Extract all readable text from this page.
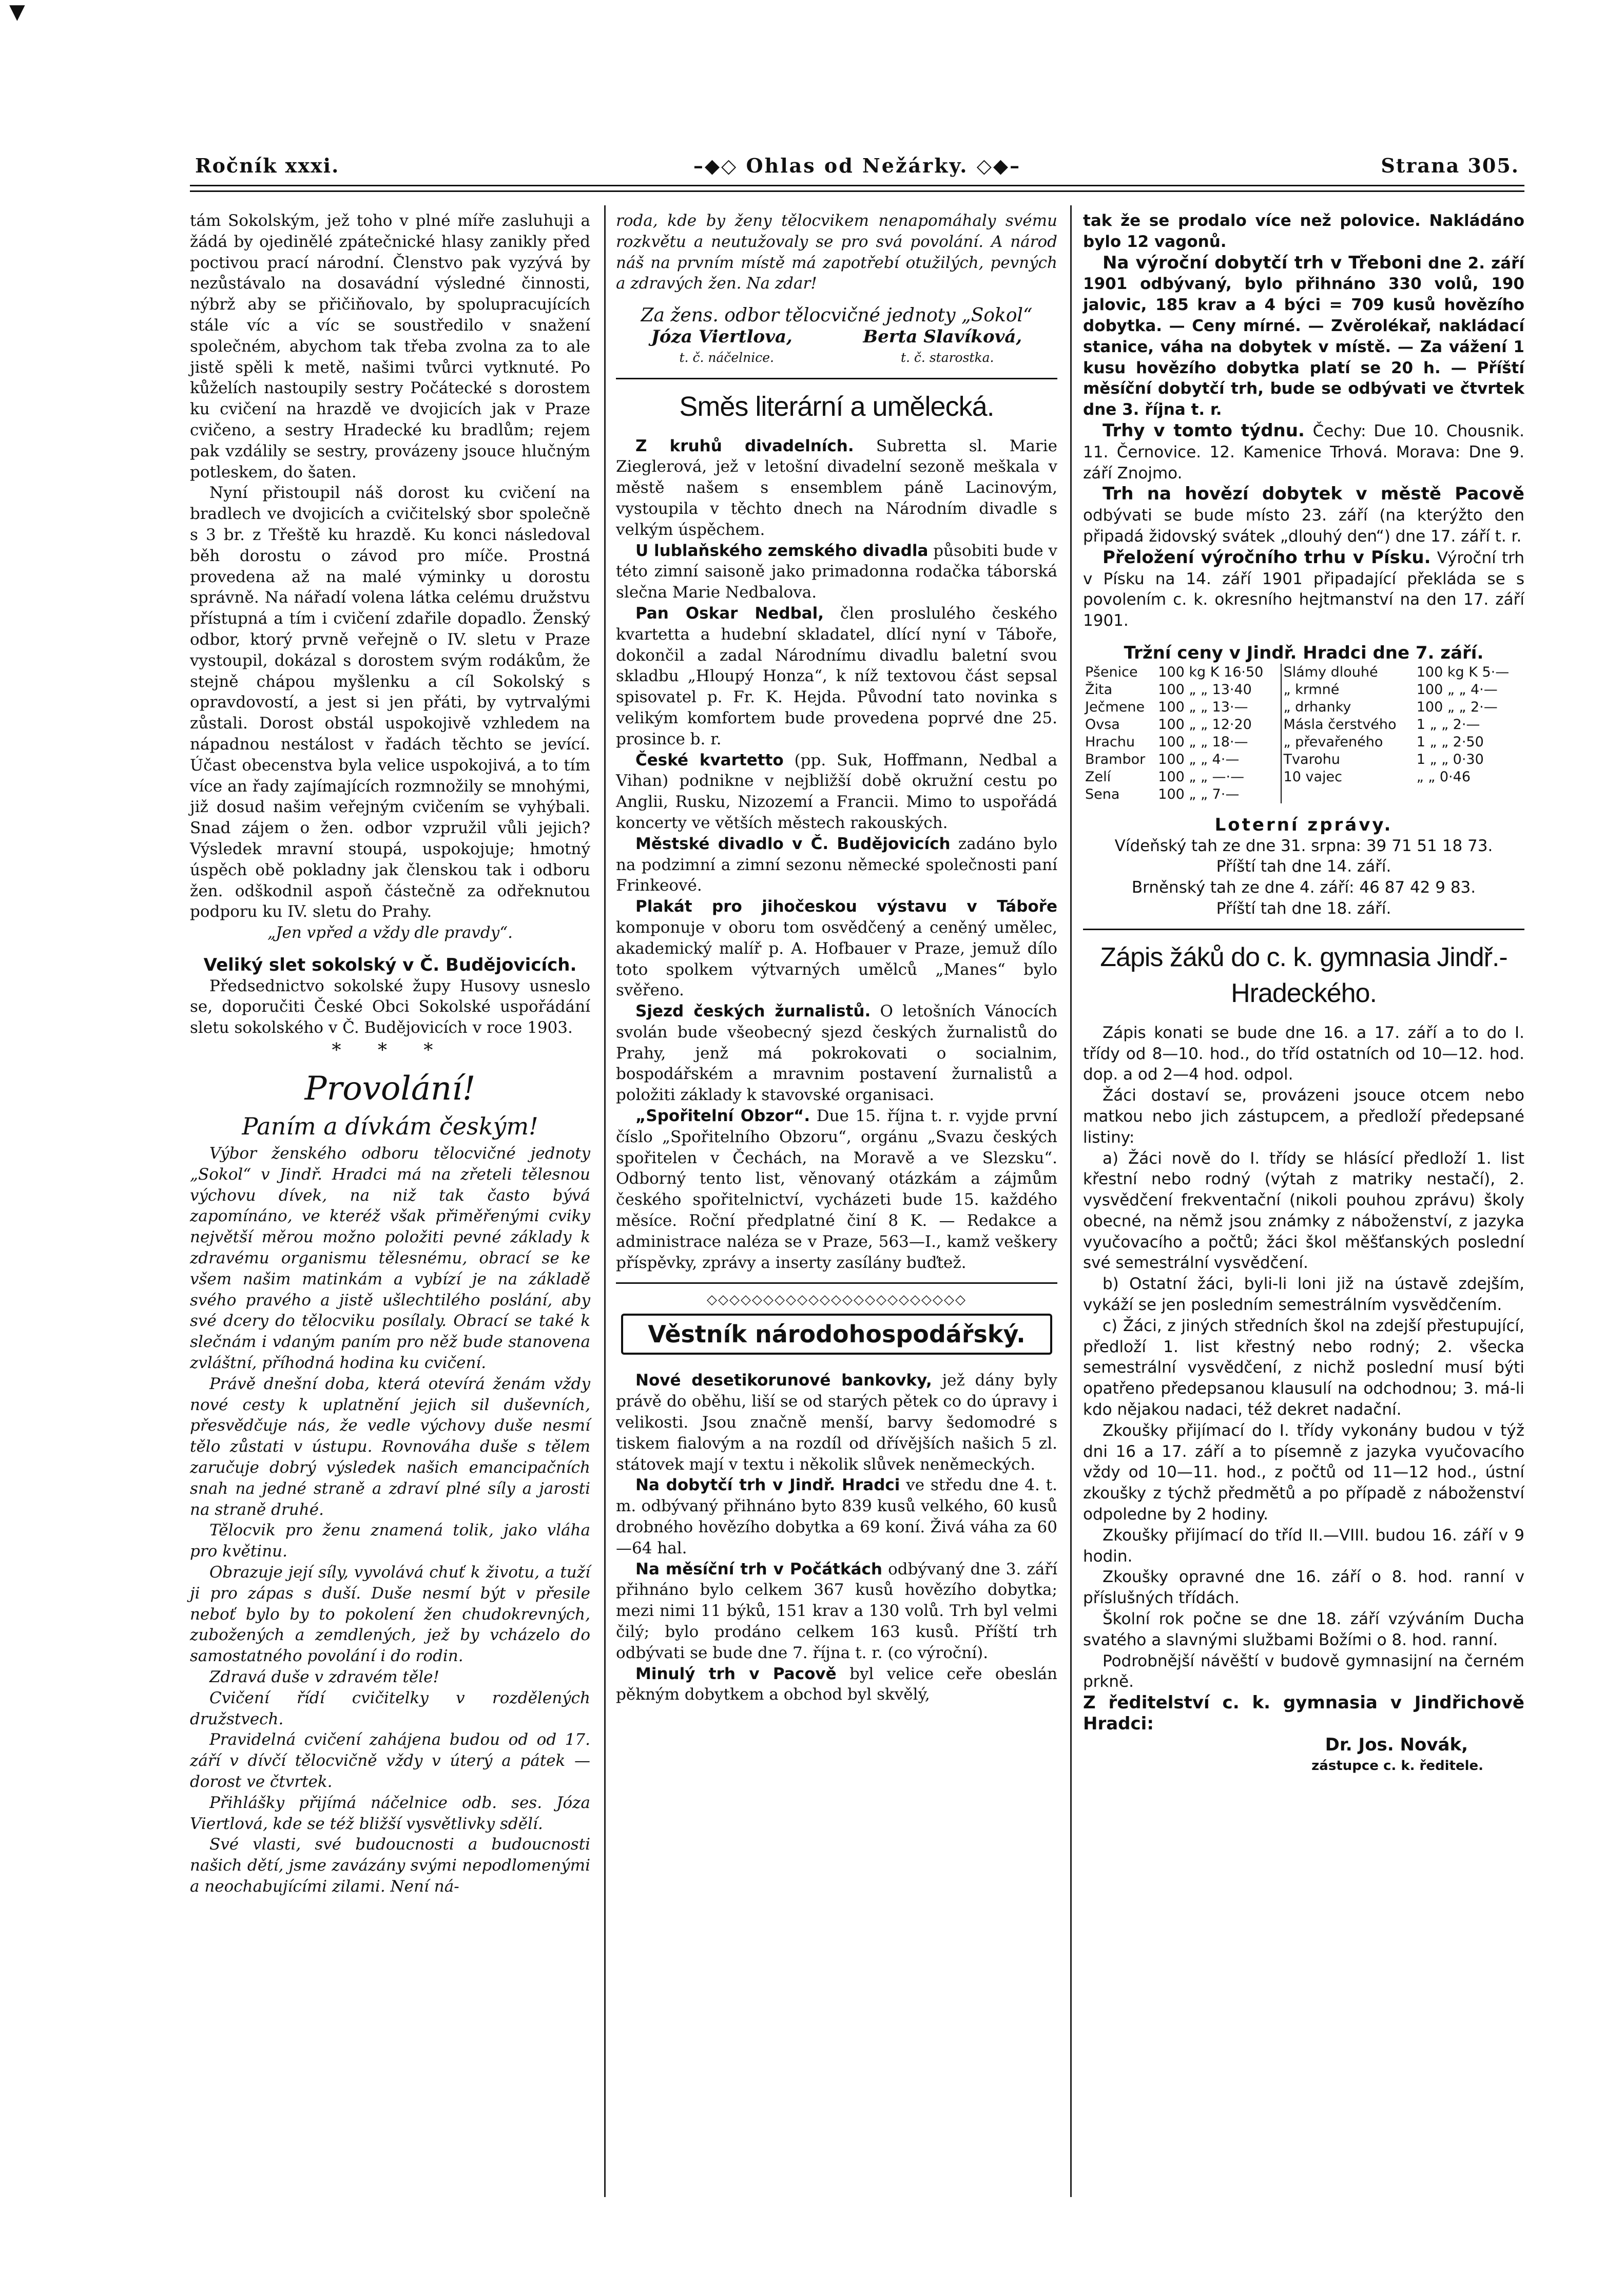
▼
Ročník xxxi.	–◆◇ Ohlas od Nežárky. ◇◆–	Strana 305.

tám Sokolským, jež toho v plné míře zasluhuji a žádá by ojedinělé zpátečnické hlasy zanikly před poctivou prací národní. Členstvo pak vyzývá by nezůstávalo na dosavádní výsledné činnosti, nýbrž aby se přičiňovalo, by spolupracujících stále víc a víc se soustředilo v snažení společném, abychom tak třeba zvolna za to ale jistě spěli k metě, našimi tvůrci vytknuté. Po kůželích nastoupily sestry Počátecké s dorostem ku cvičení na hrazdě ve dvojicích jak v Praze cvičeno, a sestry Hradecké ku bradlům; rejem pak vzdálily se sestry, provázeny jsouce hlučným potleskem, do šaten.

Nyní přistoupil náš dorost ku cvičení na bradlech ve dvojicích a cvičitelský sbor společně s 3 br. z Třeště ku hrazdě. Ku konci následoval běh dorostu o závod pro míče. Prostná provedena až na malé výminky u dorostu správně. Na nářadí volena látka celému družstvu přístupná a tím i cvičení zdařile dopadlo. Ženský odbor, ktorý prvně veřejně o IV. sletu v Praze vystoupil, dokázal s dorostem svým rodákům, že stejně chápou myšlenku a cíl Sokolský s opravdovostí, a jest si jen přáti, by vytrvalými zůstali. Dorost obstál uspokojivě vzhledem na nápadnou nestálost v řadách těchto se jevící. Účast obecenstva byla velice uspokojivá, a to tím více an řady zajímajících rozmnožily se mnohými, již dosud našim veřejným cvičením se vyhýbali. Snad zájem o žen. odbor vzpružil vůli jejich? Výsledek mravní stoupá, uspokojuje; hmotný úspěch obě pokladny jak členskou tak i odboru žen. odškodnil aspoň částečně za odřeknutou podporu ku IV. sletu do Prahy.

„Jen vpřed a vždy dle pravdy“.

Veliký slet sokolský v Č. Budějovicích.

Předsednictvo sokolské župy Husovy usneslo se, doporučiti České Obci Sokolské uspořádání sletu sokolského v Č. Budějovicích v roce 1903.

* * *

Provolání!

Paním a dívkám českým!

Výbor ženského odboru tělocvičné jednoty „Sokol“ v Jindř. Hradci má na zřeteli tělesnou výchovu dívek, na niž tak často bývá zapomínáno, ve kteréž však přiměřenými cviky největší měrou možno položiti pevné základy k zdravému organismu tělesnému, obrací se ke všem našim matinkám a vybízí je na základě svého pravého a jistě ušlechtilého poslání, aby své dcery do tělocviku posílaly. Obrací se také k slečnám i vdaným paním pro něž bude stanovena zvláštní, příhodná hodina ku cvičení.

Právě dnešní doba, která otevírá ženám vždy nové cesty k uplatnění jejich sil duševních, přesvědčuje nás, že vedle výchovy duše nesmí tělo zůstati v ústupu. Rovnováha duše s tělem zaručuje dobrý výsledek našich emancipačních snah na jedné straně a zdraví plné síly a jarosti na straně druhé.

Tělocvik pro ženu znamená tolik, jako vláha pro květinu.

Obrazuje její síly, vyvolává chuť k životu, a tuží ji pro zápas s duší. Duše nesmí být v přesile neboť bylo by to pokolení žen chudokrevných, zubožených a zemdlených, jež by vcházelo do samostatného povolání i do rodin.

Zdravá duše v zdravém těle!

Cvičení řídí cvičitelky v rozdělených družstvech.

Pravidelná cvičení zahájena budou od od 17. září v dívčí tělocvičně vždy v úterý a pátek — dorost ve čtvrtek.

Přihlášky přijímá náčelnice odb. ses. Józa Viertlová, kde se též bližší vysvětlivky sdělí.

Své vlasti, své budoucnosti a budoucnosti našich dětí, jsme zavázány svými nepodlomenými a neochabujícími zilami. Není ná-

roda, kde by ženy tělocvikem nenapomáhaly svému rozkvětu a neutužovaly se pro svá povolání. A národ náš na prvním místě má zapotřebí otužilých, pevných a zdravých žen. Na zdar!

Za žens. odbor tělocvičné jednoty „Sokol“

Józa Viertlova,	Berta Slavíková,
t. č. náčelnice.	t. č. starostka.

Směs literární a umělecká.

Z kruhů divadelních. Subretta sl. Marie Zieglerová, jež v letošní divadelní sezoně meškala v městě našem s ensemblem páně Lacinovým, vystoupila v těchto dnech na Národním divadle s velkým úspěchem.

U lublaňského zemského divadla působiti bude v této zimní saisoně jako primadonna rodačka táborská slečna Marie Nedbalova.

Pan Oskar Nedbal, člen proslulého českého kvartetta a hudební skladatel, dlící nyní v Táboře, dokončil a zadal Národnímu divadlu baletní svou skladbu „Hloupý Honza“, k níž textovou část sepsal spisovatel p. Fr. K. Hejda. Původní tato novinka s velikým komfortem bude provedena poprvé dne 25. prosince b. r.

České kvartetto (pp. Suk, Hoffmann, Nedbal a Vihan) podnikne v nejbližší době okružní cestu po Anglii, Rusku, Nizozemí a Francii. Mimo to uspořádá koncerty ve větších městech rakouských.

Městské divadlo v Č. Budějovicích zadáno bylo na podzimní a zimní sezonu německé společnosti paní Frinkeové.

Plakát pro jihočeskou výstavu v Táboře komponuje v oboru tom osvědčený a ceněný umělec, akademický malíř p. A. Hofbauer v Praze, jemuž dílo toto spolkem výtvarných umělců „Manes“ bylo svěřeno.

Sjezd českých žurnalistů. O letošních Vánocích svolán bude všeobecný sjezd českých žurnalistů do Prahy, jenž má pokrokovati o socialnim, bospodářském a mravnim postavení žurnalistů a položiti základy k stavovské organisaci.

„Spořitelní Obzor“. Due 15. října t. r. vyjde první číslo „Spořitelního Obzoru“, orgánu „Svazu českých spořitelen v Čechách, na Moravě a ve Slezsku“. Odborný tento list, věnovaný otázkám a zájmům českého spořitelnictví, vycházeti bude 15. každého měsíce. Roční předplatné činí 8 K. — Redakce a administrace naléza se v Praze, 563—I., kamž veškery příspěvky, zprávy a inserty zasílány buďtež.

◇◇◇◇◇◇◇◇◇◇◇◇◇◇◇◇◇◇◇◇◇◇◇
Věstník národohospodářský.

Nové desetikorunové bankovky, jež dány byly právě do oběhu, liší se od starých pětek co do úpravy i velikosti. Jsou značně menší, barvy šedomodré s tiskem fialovým a na rozdíl od dřívějších našich 5 zl. státovek mají v textu i několik slůvek neněmeckých.

Na dobytčí trh v Jindř. Hradci ve středu dne 4. t. m. odbývaný přihnáno byto 839 kusů velkého, 60 kusů drobného hovězího dobytka a 69 koní. Živá váha za 60—64 hal.

Na měsíční trh v Počátkách odbývaný dne 3. září přihnáno bylo celkem 367 kusů hovězího dobytka; mezi nimi 11 býků, 151 krav a 130 volů. Trh byl velmi čilý; bylo prodáno celkem 163 kusů. Příští trh odbývati se bude dne 7. října t. r. (co výroční).

Minulý trh v Pacově byl velice ceře obeslán pěkným dobytkem a obchod byl skvělý,

tak že se prodalo více než polovice. Nakládáno bylo 12 vagonů.

Na výroční dobytčí trh v Třeboni dne 2. září 1901 odbývaný, bylo přihnáno 330 volů, 190 jalovic, 185 krav a 4 býci = 709 kusů hovězího dobytka. — Ceny mírné. — Zvěrolékař, nakládací stanice, váha na dobytek v místě. — Za vážení 1 kusu hovězího dobytka platí se 20 h. — Příští měsíční dobytčí trh, bude se odbývati ve čtvrtek dne 3. října t. r.

Trhy v tomto týdnu. Čechy: Due 10. Chousnik. 11. Černovice. 12. Kamenice Trhová. Morava: Dne 9. září Znojmo.

Trh na hovězí dobytek v městě Pacově odbývati se bude místo 23. září (na kterýžto den připadá židovský svátek „dlouhý den“) dne 17. září t. r.

Přeložení výročního trhu v Písku. Výroční trh v Písku na 14. září 1901 připadající překláda se s povolením c. k. okresního hejtmanství na den 17. září 1901.

Tržní ceny v Jindř. Hradci dne 7. září.

Pšenice	100 kg K 16·50	Slámy dlouhé	100 kg K 5·—
Žita	100 „ „ 13·40	„ krmné	100 „ „ 4·—
Ječmene	100 „ „ 13·—	„ drhanky	100 „ „ 2·—
Ovsa	100 „ „ 12·20	Másla čerstvého	1 „ „ 2·—
Hrachu	100 „ „ 18·—	„ převařeného	1 „ „ 2·50
Brambor	100 „ „ 4·—	Tvarohu	1 „ „ 0·30
Zelí	100 „ „ —·—	10 vajec	„ „ 0·46
Sena	100 „ „ 7·—		

Loterní zprávy.

Vídeňský tah ze dne 31. srpna: 39 71 51 18 73.

Příští tah dne 14. září.

Brněnský tah ze dne 4. září: 46 87 42 9 83.

Příští tah dne 18. září.

Zápis žáků do c. k. gymnasia Jindř.-Hradeckého.

Zápis konati se bude dne 16. a 17. září a to do I. třídy od 8—10. hod., do tříd ostatních od 10—12. hod. dop. a od 2—4 hod. odpol.

Žáci dostaví se, provázeni jsouce otcem nebo matkou nebo jich zástupcem, a předloží předepsané listiny:

a) Žáci nově do I. třídy se hlásící předloží 1. list křestní nebo rodný (výtah z matriky nestačí), 2. vysvědčení frekventační (nikoli pouhou zprávu) školy obecné, na němž jsou známky z náboženství, z jazyka vyučovacího a počtů; žáci škol měšťanských poslední své semestrální vysvědčení.

b) Ostatní žáci, byli-li loni již na ústavě zdejším, vykáží se jen posledním semestrálním vysvědčením.

c) Žáci, z jiných středních škol na zdejší přestupující, předloží 1. list křestný nebo rodný; 2. všecka semestrální vysvědčení, z nichž poslední musí býti opatřeno předepsanou klausulí na odchodnou; 3. má-li kdo nějakou nadaci, též dekret nadační.

Zkoušky přijímací do I. třídy vykonány budou v týž dni 16 a 17. září a to písemně z jazyka vyučovacího vždy od 10—11. hod., z počtů od 11—12 hod., ústní zkoušky z týchž předmětů a po případě z náboženství odpoledne by 2 hodiny.

Zkoušky přijímací do tříd II.—VIII. budou 16. září v 9 hodin.

Zkoušky opravné dne 16. září o 8. hod. ranní v příslušných třídách.

Školní rok počne se dne 18. září vzýváním Ducha svatého a slavnými službami Božími o 8. hod. ranní.

Podrobnější návěští v budově gymnasijní na černém prkně.

Z ředitelství c. k. gymnasia v Jindřichově Hradci:

Dr. Jos. Novák,

zástupce c. k. ředitele.
